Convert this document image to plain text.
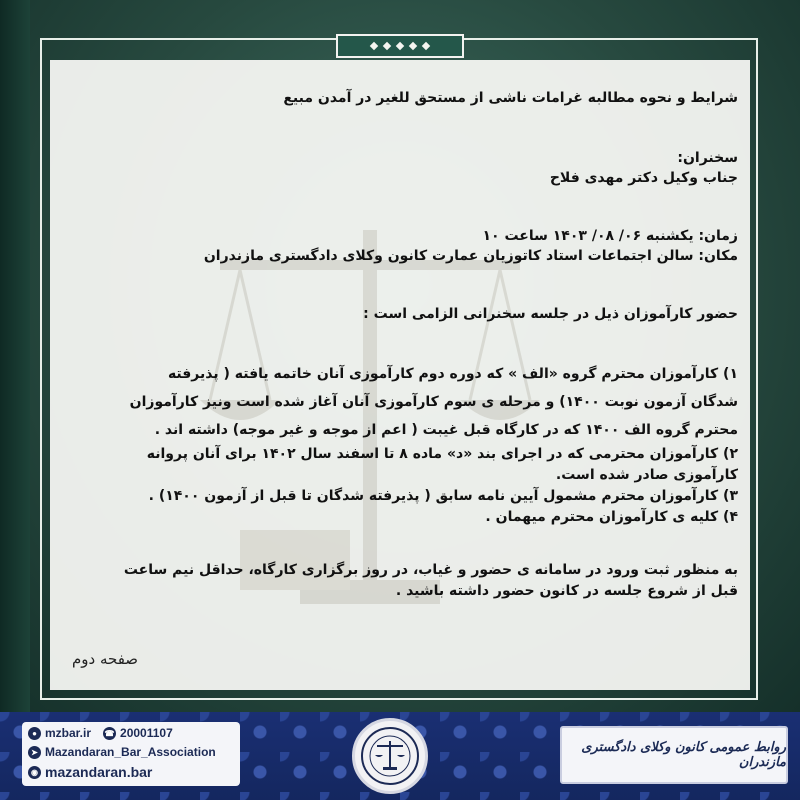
شرایط و نحوه مطالبه غرامات ناشی از مستحق للغیر در آمدن مبیع

سخنران:

جناب وکیل دکتر مهدی فلاح

زمان: یکشنبه ۰۶/ ۰۸/ ۱۴۰۳ ساعت ۱۰

مکان: سالن اجتماعات استاد کاتوزیان عمارت کانون وکلای دادگستری مازندران

حضور کارآموزان ذیل در جلسه سخنرانی الزامی است :

۱) کارآموزان محترم گروه «الف » که دوره دوم کارآموزی آنان خاتمه یافته ( پذیرفته

شدگان آزمون نوبت ۱۴۰۰) و مرحله ی سوم کارآموزی آنان آغاز شده است ونیز کارآموزان

محترم گروه الف ۱۴۰۰ که در کارگاه قبل غیبت ( اعم از موجه و غیر موجه) داشته اند .

۲) کارآموزان محترمی که در اجرای بند «د» ماده ۸ تا اسفند سال ۱۴۰۲ برای آنان پروانه

کارآموزی صادر شده است.

۳) کارآموزان محترم مشمول آیین نامه سابق ( پذیرفته شدگان تا قبل از آزمون ۱۴۰۰) .

۴) کلیه ی کارآموزان محترم میهمان .

به منظور ثبت ورود در سامانه ی حضور و غیاب، در روز برگزاری کارگاه، حداقل نیم ساعت

قبل از شروع جلسه در کانون حضور داشته باشید .

صفحه دوم
● mzbar.ir ☎ 20001107
➤ Mazandaran_Bar_Association
◉ mazandaran.bar
روابط عمومی کانون وکلای دادگستری مازندران
